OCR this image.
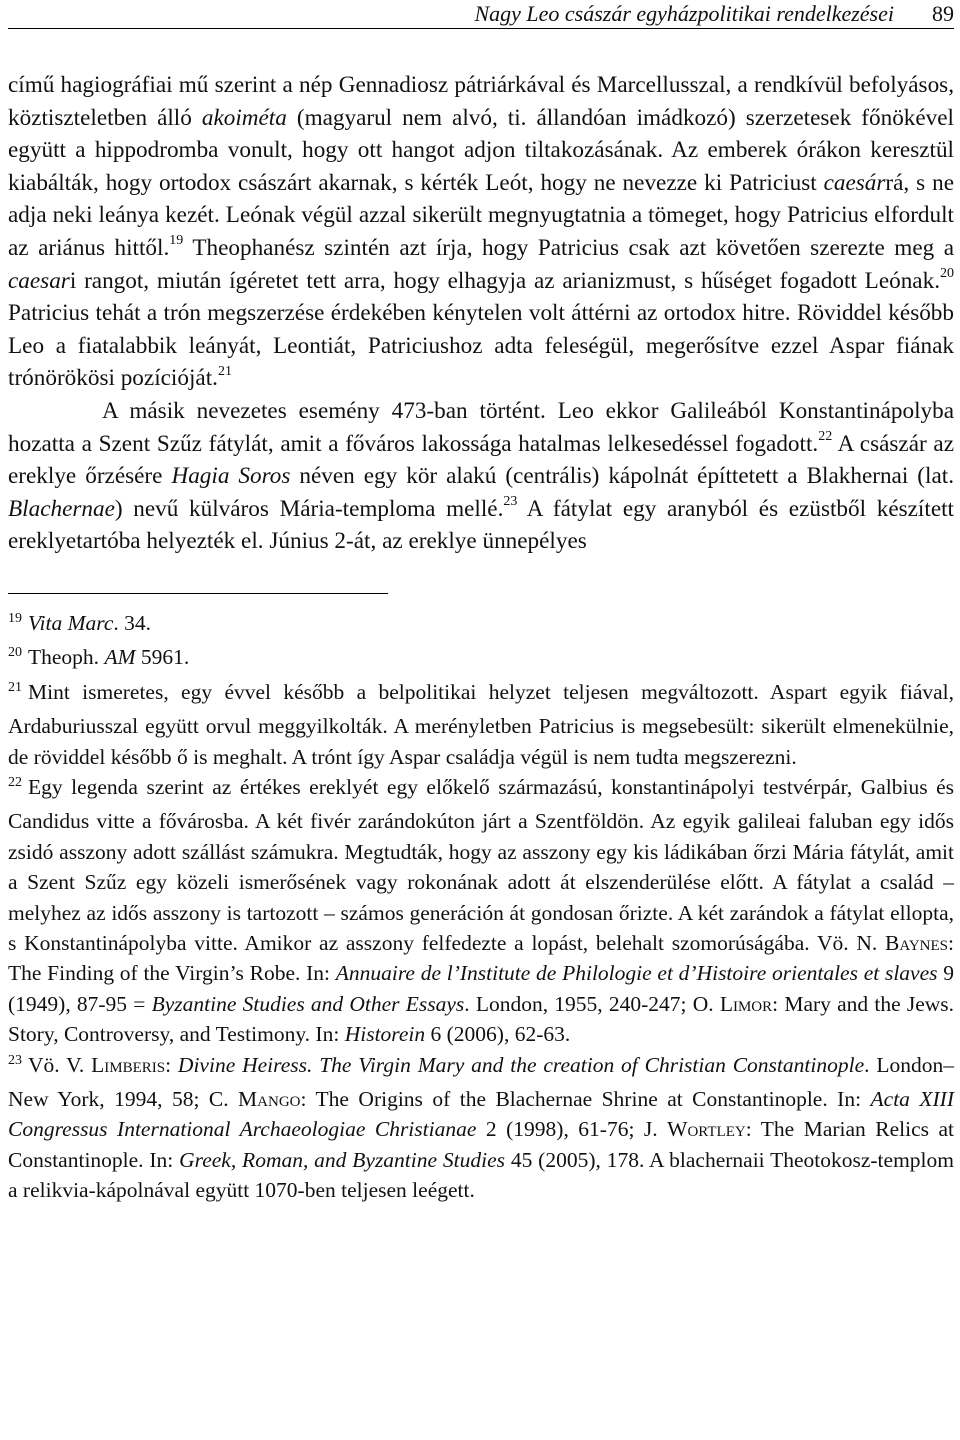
Nagy Leo császár egyházpolitikai rendelkezései 89

című hagiográfiai mű szerint a nép Gennadiosz pátriárkával és Marcellusszal, a rendkívül befolyásos, köztiszteletben álló akoiméta (magyarul nem alvó, ti. állandóan imádkozó) szerzetesek főnökével együtt a hippodromba vonult, hogy ott hangot adjon tiltakozásának. Az emberek órákon keresztül kiabálták, hogy ortodox császárt akarnak, s kérték Leót, hogy ne nevezze ki Patriciust caesárrá, s ne adja neki leánya kezét. Leónak végül azzal sikerült megnyugtatnia a tömeget, hogy Patricius elfordult az ariánus hittől.$^{19}$ Theophanész szintén azt írja, hogy Patricius csak azt követően szerezte meg a caesari rangot, miután ígéretet tett arra, hogy elhagyja az arianizmust, s hűséget fogadott Leónak.$^{20}$ Patricius tehát a trón megszerzése érdekében kénytelen volt áttérni az ortodox hitre. Röviddel később Leo a fiatalabbik leányát, Leontiát, Patriciushoz adta feleségül, megerősítve ezzel Aspar fiának trónörökösi pozícióját.$^{21}$

A másik nevezetes esemény 473-ban történt. Leo ekkor Galileából Konstantinápolyba hozatta a Szent Szűz fátylát, amit a főváros lakossága hatalmas lelkesedéssel fogadott.$^{22}$ A császár az ereklye őrzésére Hagia Soros néven egy kör alakú (centrális) kápolnát építtetett a Blakhernai (lat. Blachernae) nevű külváros Mária-temploma mellé.$^{23}$ A fátylat egy aranyból és ezüstből készített ereklyetartóba helyezték el. Június 2-át, az ereklye ünnepélyes

$^{19}$ Vita Marc. 34.

$^{20}$ Theoph. AM 5961.

$^{21}$ Mint ismeretes, egy évvel később a belpolitikai helyzet teljesen megváltozott. Aspart egyik fiával, Ardaburiusszal együtt orvul meggyilkolták. A merényletben Patricius is megsebesült: sikerült elmenekülnie, de röviddel később ő is meghalt. A trónt így Aspar családja végül is nem tudta megszerezni.

$^{22}$ Egy legenda szerint az értékes ereklyét egy előkelő származású, konstantinápolyi testvérpár, Galbius és Candidus vitte a fővárosba. A két fivér zarándokúton járt a Szentföldön. Az egyik galileai faluban egy idős zsidó asszony adott szállást számukra. Megtudták, hogy az asszony egy kis ládikában őrzi Mária fátylát, amit a Szent Szűz egy közeli ismerősének vagy rokonának adott át elszenderülése előtt. A fátylat a család – melyhez az idős asszony is tartozott – számos generáción át gondosan őrizte. A két zarándok a fátylat ellopta, s Konstantinápolyba vitte. Amikor az asszony felfedezte a lopást, belehalt szomorúságába. Vö. N. Baynes: The Finding of the Virgin’s Robe. In: Annuaire de l’Institute de Philologie et d’Histoire orientales et slaves 9 (1949), 87-95 = Byzantine Studies and Other Essays. London, 1955, 240-247; O. Limor: Mary and the Jews. Story, Controversy, and Testimony. In: Historein 6 (2006), 62-63.

$^{23}$ Vö. V. Limberis: Divine Heiress. The Virgin Mary and the creation of Christian Constantinople. London–New York, 1994, 58; C. Mango: The Origins of the Blachernae Shrine at Constantinople. In: Acta XIII Congressus International Archaeologiae Christianae 2 (1998), 61-76; J. Wortley: The Marian Relics at Constantinople. In: Greek, Roman, and Byzantine Studies 45 (2005), 178. A blachernaii Theotokosz-templom a relikvia-kápolnával együtt 1070-ben teljesen leégett.
